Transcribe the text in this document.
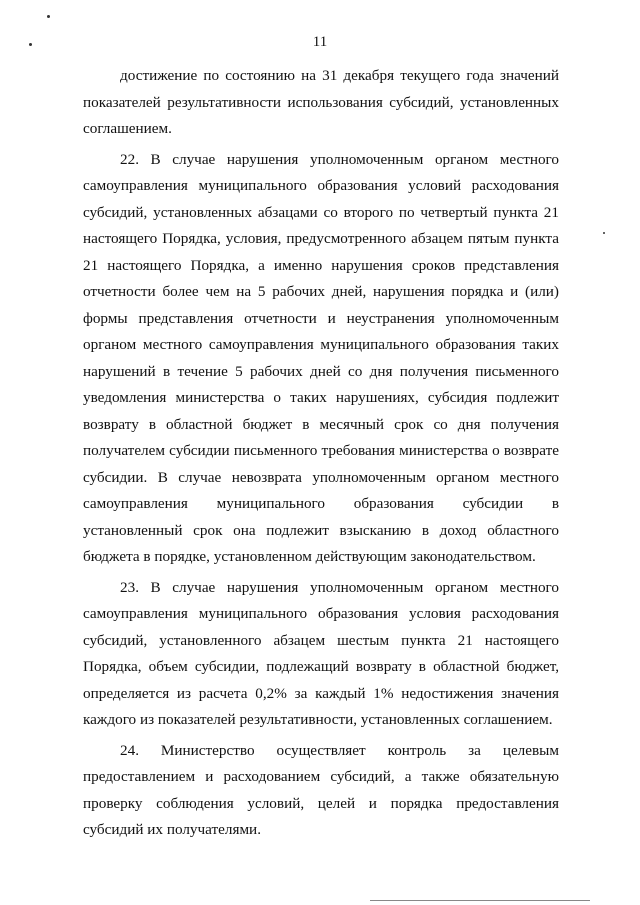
11

достижение по состоянию на 31 декабря текущего года значений показателей результативности использования субсидий, установленных соглашением.

22. В случае нарушения уполномоченным органом местного самоуправления муниципального образования условий расходования субсидий, установленных абзацами со второго по четвертый пункта 21 настоящего Порядка, условия, предусмотренного абзацем пятым пункта 21 настоящего Порядка, а именно нарушения сроков представления отчетности более чем на 5 рабочих дней, нарушения порядка и (или) формы представления отчетности и неустранения уполномоченным органом местного самоуправления муниципального образования таких нарушений в течение 5 рабочих дней со дня получения письменного уведомления министерства о таких нарушениях, субсидия подлежит возврату в областной бюджет в месячный срок со дня получения получателем субсидии письменного требования министерства о возврате субсидии. В случае невозврата уполномоченным органом местного самоуправления муниципального образования субсидии в установленный срок она подлежит взысканию в доход областного бюджета в порядке, установленном действующим законодательством.

23. В случае нарушения уполномоченным органом местного самоуправления муниципального образования условия расходования субсидий, установленного абзацем шестым пункта 21 настоящего Порядка, объем субсидии, подлежащий возврату в областной бюджет, определяется из расчета 0,2% за каждый 1% недостижения значения каждого из показателей результативности, установленных соглашением.

24. Министерство осуществляет контроль за целевым предоставлением и расходованием субсидий, а также обязательную проверку соблюдения условий, целей и порядка предоставления субсидий их получателями.
